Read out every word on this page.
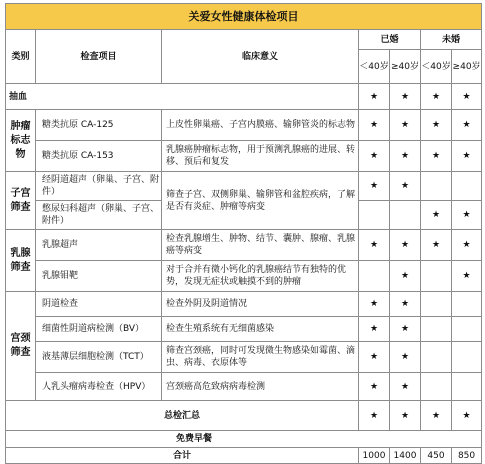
关爱女性健康体检项目						
类别	检查项目	临床意义	已婚		未婚	
			＜40岁	≥40岁	＜40岁	≥40岁
抽血			★	★	★	★
肿瘤标志物	糖类抗原 CA-125	上皮性卵巢癌、子宫内膜癌、输卵管炎的标志物	★	★	★	★
	糖类抗原 CA-153	乳腺癌肿瘤标志物，用于预测乳腺癌的进展、转移、预后和复发	★	★	★	★
子宫筛查	经阴道超声（卵巢、子宫、附件）	筛查子宫、双侧卵巢、输卵管和盆腔疾病，了解是否有炎症、肿瘤等病变	★	★		
	憋尿妇科超声（卵巢、子宫、附件）				★	★
乳腺筛查	乳腺超声	检查乳腺增生、肿物、结节、囊肿、腺瘤、乳腺癌等病变	★	★	★	★
	乳腺钼靶	对于合并有微小钙化的乳腺癌结节有独特的优势，发现无症状或触摸不到的肿瘤		★		★
宫颈筛查	阴道检查	检查外阴及阴道情况	★	★		
	细菌性阴道病检测（BV）	检查生殖系统有无细菌感染	★	★		
	液基薄层细胞检测（TCT）	筛查宫颈癌，同时可发现微生物感染如霉菌、滴虫、病毒、衣原体等	★	★		
	人乳头瘤病毒检查（HPV）	宫颈癌高危致病病毒检测	★	★		
总检汇总			★	★	★	★
免费早餐						
合计			1000	1400	450	850
